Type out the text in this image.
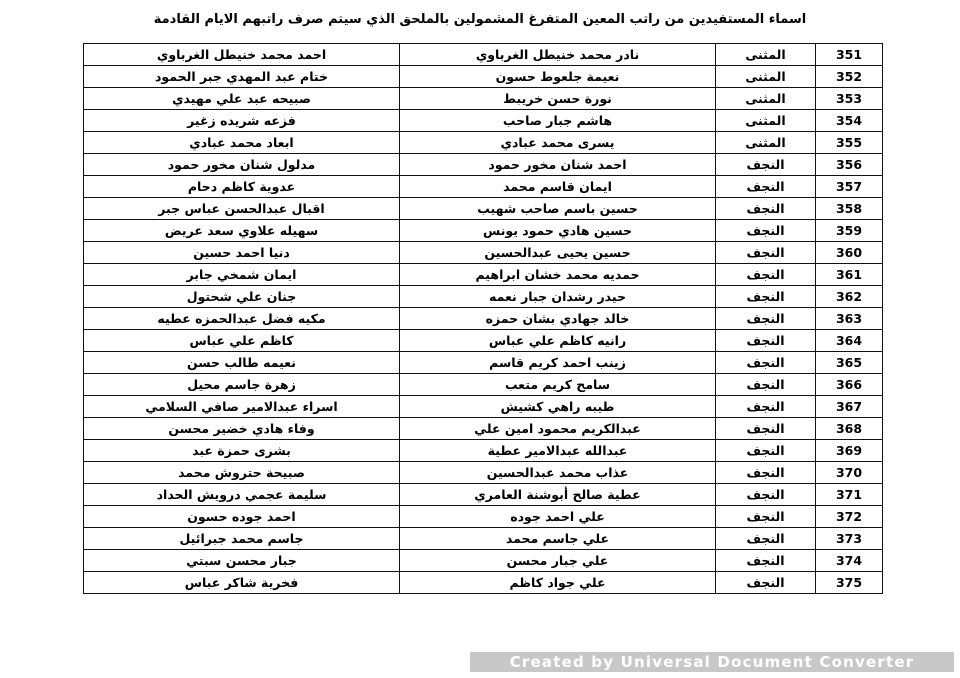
اسماء المستفيدين من راتب المعين المتفرغ المشمولين بالملحق الذي سيتم صرف راتبهم الايام القادمة
351	المثنى	نادر محمد خنيطل الغرباوي	احمد محمد خنيطل الغرباوي
352	المثنى	نعيمة جلعوط حسون	ختام عبد المهدي جبر الحمود
353	المثنى	نورة حسن خريبط	صبيحه عبد علي مهيدي
354	المثنى	هاشم جبار صاحب	فزعه شريده زغير
355	المثنى	يسرى محمد عبادي	ابعاد محمد عبادي
356	النجف	احمد شنان مخور حمود	مدلول شنان مخور حمود
357	النجف	ايمان قاسم محمد	عدوية كاظم دحام
358	النجف	حسين باسم صاحب شهيب	اقبال عبدالحسن عباس جبر
359	النجف	حسين هادي حمود يونس	سهيله علاوي سعد عريض
360	النجف	حسين يحيى عبدالحسين	دنيا احمد حسين
361	النجف	حمديه محمد خشان ابراهيم	ايمان شمخي جابر
362	النجف	حيدر رشدان جبار نعمه	جنان علي شحتول
363	النجف	خالد جهادي بشان حمزه	مكيه فضل عبدالحمزه عطيه
364	النجف	رانيه كاظم علي عباس	كاظم علي عباس
365	النجف	زينب احمد كريم قاسم	نعيمه طالب حسن
366	النجف	سامح كريم متعب	زهرة جاسم محيل
367	النجف	طيبه راهي كشيش	اسراء عبدالامير صافي السلامي
368	النجف	عبدالكريم محمود امين علي	وفاء هادي خضير محسن
369	النجف	عبدالله عبدالامير عطية	بشرى حمزة عبد
370	النجف	عذاب محمد عبدالحسين	صبيحة حتروش محمد
371	النجف	عطية صالح أبوشنة العامري	سليمة عجمي درويش الحداد
372	النجف	علي احمد جوده	احمد جوده حسون
373	النجف	علي جاسم محمد	جاسم محمد جبرائيل
374	النجف	علي جبار محسن	جبار محسن سبتي
375	النجف	علي جواد كاظم	فخرية شاكر عباس
Created by Universal Document Converter
